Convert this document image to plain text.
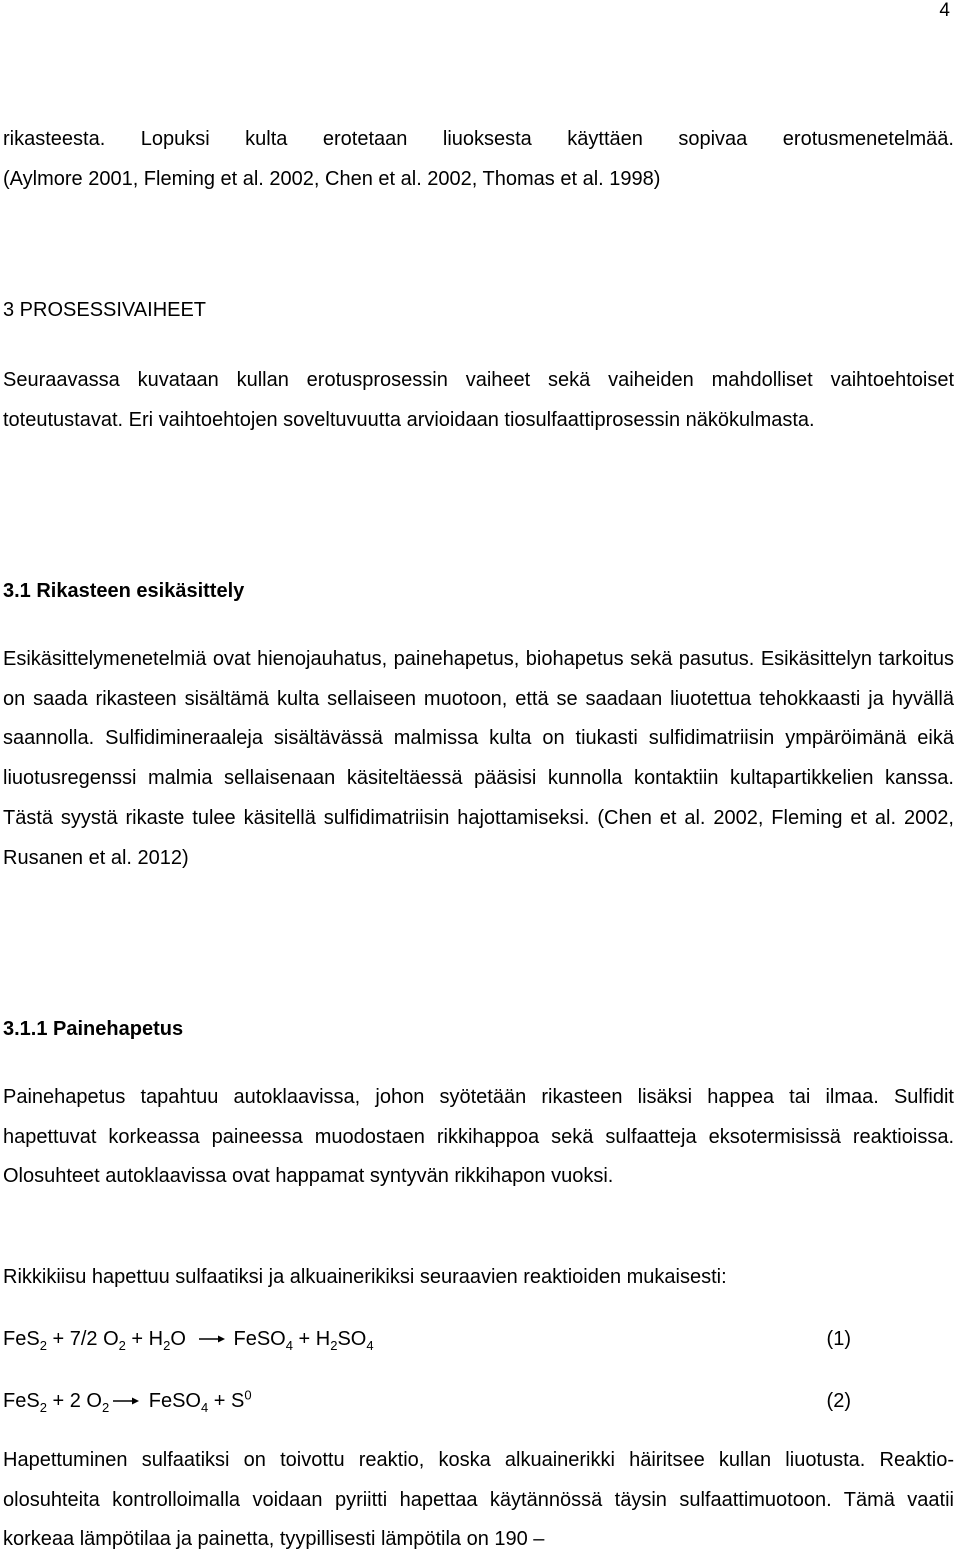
4
rikasteesta. Lopuksi kulta erotetaan liuoksesta käyttäen sopivaa erotusmenetelmää.
(Aylmore 2001, Fleming et al. 2002, Chen et al. 2002, Thomas et al. 1998)
3 PROSESSIVAIHEET
Seuraavassa kuvataan kullan erotusprosessin vaiheet sekä vaiheiden mahdolliset vaihtoehtoiset toteutustavat. Eri vaihtoehtojen soveltuvuutta arvioidaan tiosulfaattiprosessin näkökulmasta.
3.1 Rikasteen esikäsittely
Esikäsittelymenetelmiä ovat hienojauhatus, painehapetus, biohapetus sekä pasutus. Esikäsittelyn tarkoitus on saada rikasteen sisältämä kulta sellaiseen muotoon, että se saadaan liuotettua tehokkaasti ja hyvällä saannolla. Sulfidimineraaleja sisältävässä malmissa kulta on tiukasti sulfidimatriisin ympäröimänä eikä liuotusregenssi malmia sellaisenaan käsiteltäessä pääsisi kunnolla kontaktiin kultapartikkelien kanssa. Tästä syystä rikaste tulee käsitellä sulfidimatriisin hajottamiseksi. (Chen et al. 2002, Fleming et al. 2002, Rusanen et al. 2012)
3.1.1 Painehapetus
Painehapetus tapahtuu autoklaavissa, johon syötetään rikasteen lisäksi happea tai ilmaa. Sulfidit hapettuvat korkeassa paineessa muodostaen rikkihappoa sekä sulfaatteja eksotermisissä reaktioissa. Olosuhteet autoklaavissa ovat happamat syntyvän rikkihapon vuoksi.
Rikkikiisu hapettuu sulfaatiksi ja alkuainerikiksi seuraavien reaktioiden mukaisesti:
FeS$_2$ + 7/2 $O_2 + H_2O$ → FeSO$_4$ + $H_2SO_4$	(1)
FeS$_2$ + 2 $O_2$ → FeSO$_4$ + $S^0$	(2)
Hapettuminen sulfaatiksi on toivottu reaktio, koska alkuainerikki häiritsee kullan liuotusta. Reaktio-olosuhteita kontrolloimalla voidaan pyriitti hapettaa käytännössä täysin sulfaattimuotoon. Tämä vaatii korkeaa lämpötilaa ja painetta, tyypillisesti lämpötila on 190 –
